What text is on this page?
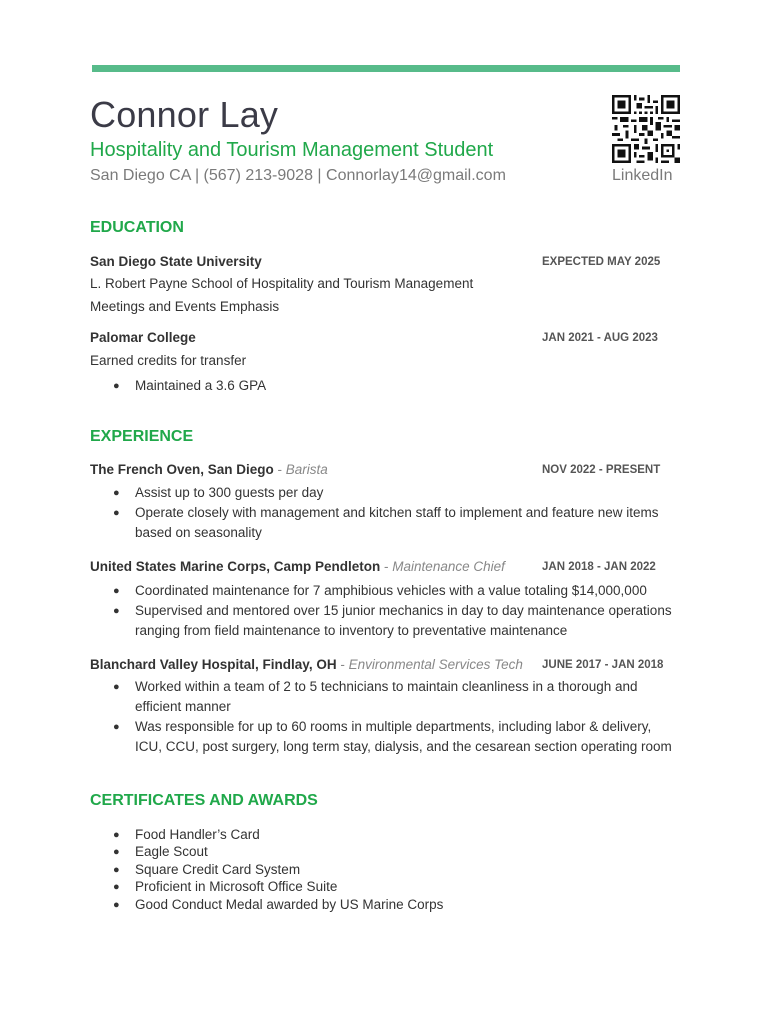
Connor Lay
Hospitality and Tourism Management Student
San Diego CA | (567) 213-9028 | Connorlay14@gmail.com	LinkedIn
EDUCATION
San Diego State University	EXPECTED MAY 2025
L. Robert Payne School of Hospitality and Tourism Management
Meetings and Events Emphasis
Palomar College	JAN 2021 - AUG 2023
Earned credits for transfer
● Maintained a 3.6 GPA
EXPERIENCE
The French Oven, San Diego - Barista	NOV 2022 - PRESENT
● Assist up to 300 guests per day
● Operate closely with management and kitchen staff to implement and feature new items based on seasonality
United States Marine Corps, Camp Pendleton - Maintenance Chief	JAN 2018 - JAN 2022
● Coordinated maintenance for 7 amphibious vehicles with a value totaling $14,000,000
● Supervised and mentored over 15 junior mechanics in day to day maintenance operations ranging from field maintenance to inventory to preventative maintenance
Blanchard Valley Hospital, Findlay, OH - Environmental Services Tech JUNE 2017 - JAN 2018
● Worked within a team of 2 to 5 technicians to maintain cleanliness in a thorough and efficient manner
● Was responsible for up to 60 rooms in multiple departments, including labor & delivery, ICU, CCU, post surgery, long term stay, dialysis, and the cesarean section operating room
CERTIFICATES AND AWARDS
● Food Handler’s Card
● Eagle Scout
● Square Credit Card System
● Proficient in Microsoft Office Suite
● Good Conduct Medal awarded by US Marine Corps
